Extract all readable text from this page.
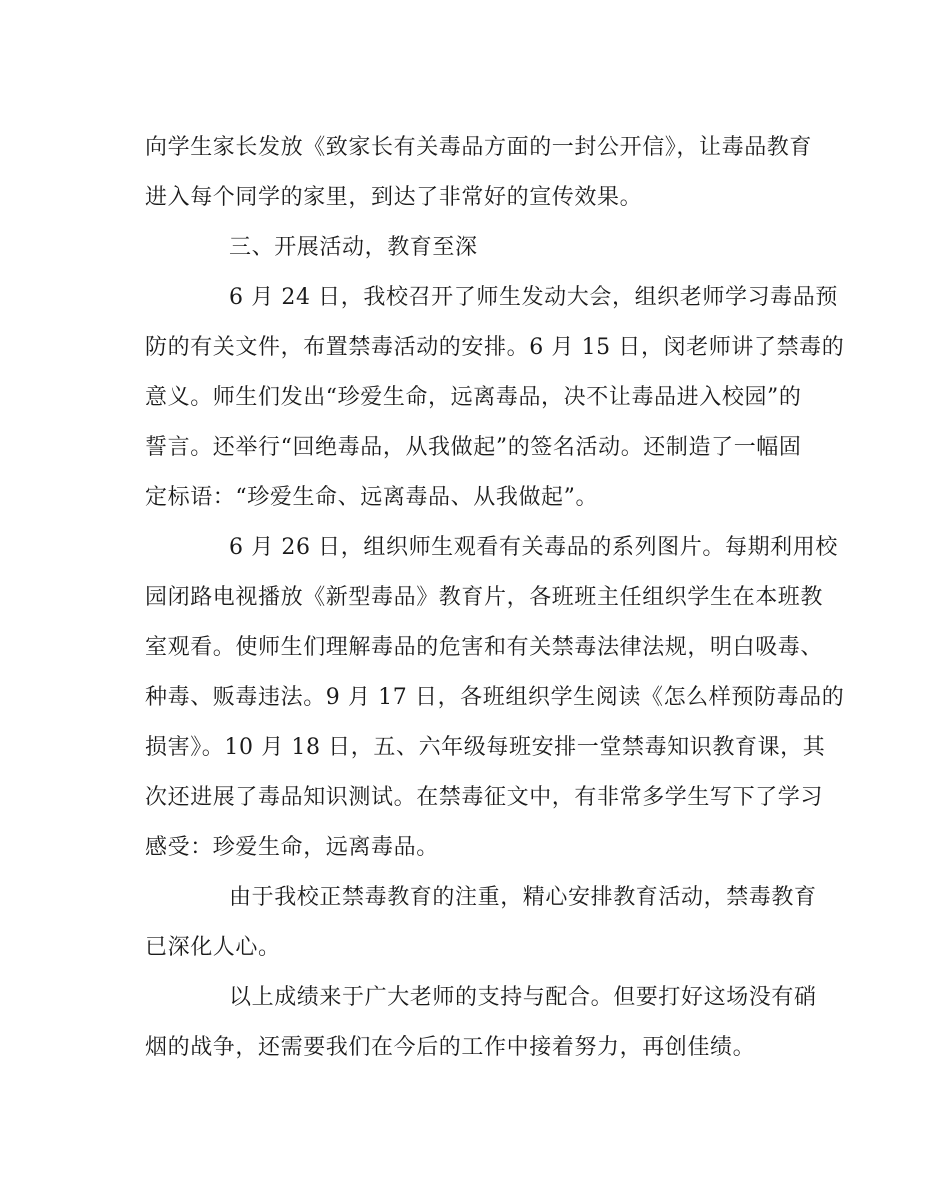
向学生家长发放《致家长有关毒品方面的一封公开信》，让毒品教育
进入每个同学的家里，到达了非常好的宣传效果。
三、开展活动，教育至深
6 月 24 日，我校召开了师生发动大会，组织老师学习毒品预
防的有关文件，布置禁毒活动的安排。6 月 15 日，闵老师讲了禁毒的
意义。师生们发出“珍爱生命，远离毒品，决不让毒品进入校园”的
誓言。还举行“回绝毒品，从我做起”的签名活动。还制造了一幅固
定标语：“珍爱生命、远离毒品、从我做起”。
6 月 26 日，组织师生观看有关毒品的系列图片。每期利用校
园闭路电视播放《新型毒品》教育片，各班班主任组织学生在本班教
室观看。使师生们理解毒品的危害和有关禁毒法律法规，明白吸毒、
种毒、贩毒违法。9 月 17 日，各班组织学生阅读《怎么样预防毒品的
损害》。10 月 18 日，五、六年级每班安排一堂禁毒知识教育课，其
次还进展了毒品知识测试。在禁毒征文中，有非常多学生写下了学习
感受：珍爱生命，远离毒品。
由于我校正禁毒教育的注重，精心安排教育活动，禁毒教育
已深化人心。
以上成绩来于广大老师的支持与配合。但要打好这场没有硝
烟的战争，还需要我们在今后的工作中接着努力，再创佳绩。
